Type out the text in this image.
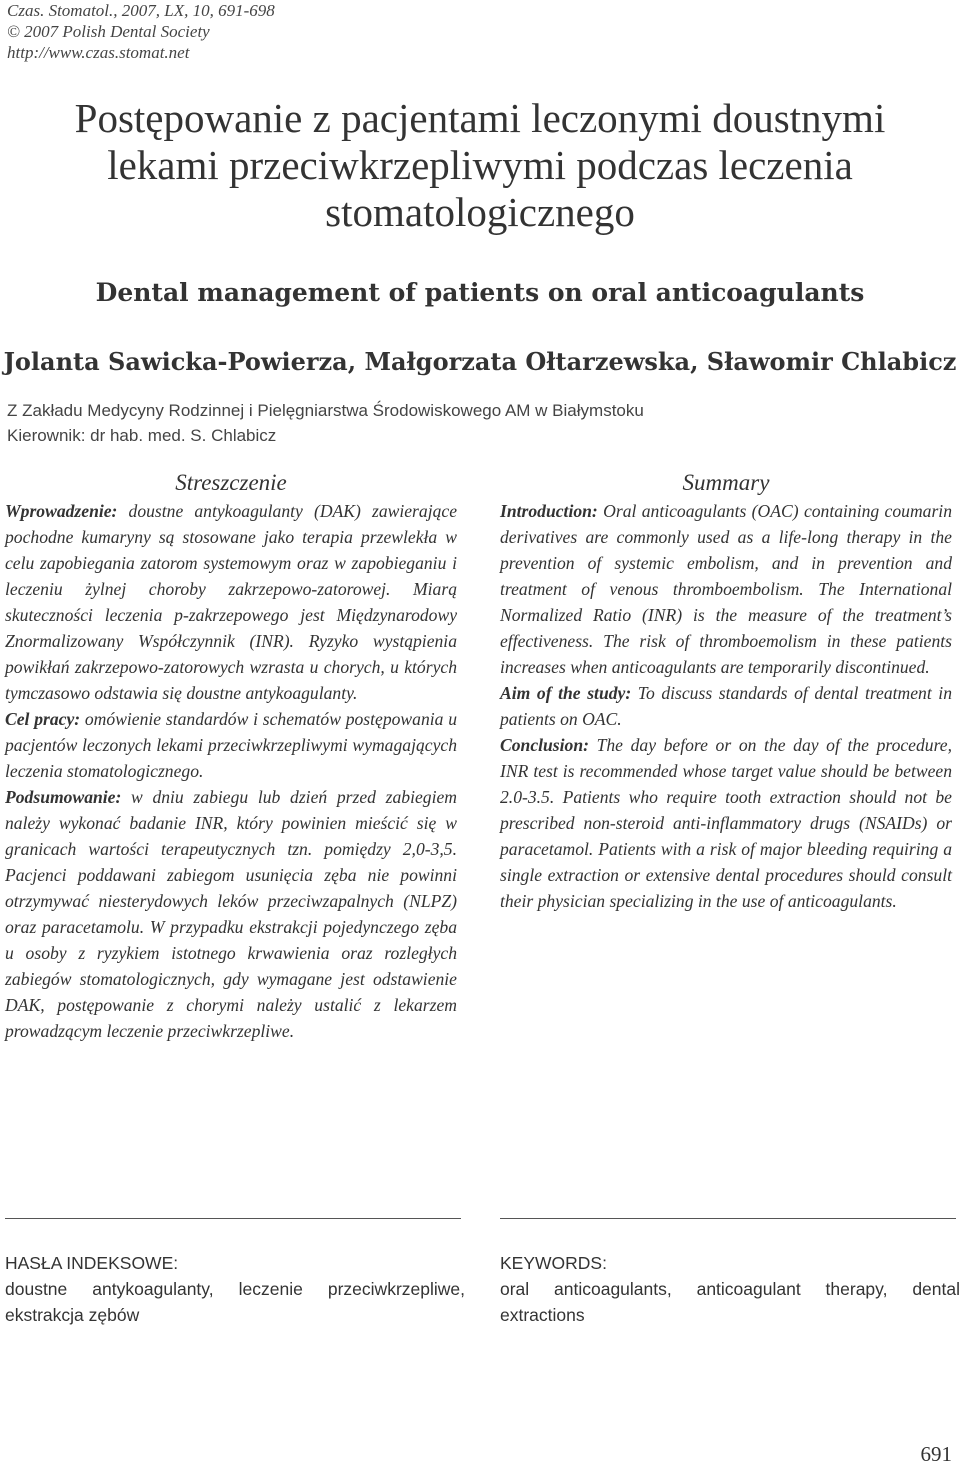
Czas. Stomatol., 2007, LX, 10, 691-698
© 2007 Polish Dental Society
http://www.czas.stomat.net
Postępowanie z pacjentami leczonymi doustnymi
lekami przeciwkrzepliwymi podczas leczenia
stomatologicznego
Dental management of patients on oral anticoagulants
Jolanta Sawicka-Powierza, Małgorzata Ołtarzewska, Sławomir Chlabicz
Z Zakładu Medycyny Rodzinnej i Pielęgniarstwa Środowiskowego AM w Białymstoku
Kierownik: dr hab. med. S. Chlabicz
Streszczenie

Wprowadzenie: doustne antykoagulanty (DAK) zawierające pochodne kumaryny są stosowane jako terapia przewlekła w celu zapobiegania zatorom systemowym oraz w zapobieganiu i leczeniu żylnej choroby zakrzepowo-zatorowej. Miarą skuteczności leczenia p-zakrzepowego jest Międzynarodowy Znormalizowany Współczynnik (INR). Ryzyko wystąpienia powikłań zakrzepowo-zatorowych wzrasta u chorych, u których tymczasowo odstawia się doustne antykoagulanty.

Cel pracy: omówienie standardów i schematów postępowania u pacjentów leczonych lekami przeciwkrzepliwymi wymagających leczenia stomatologicznego.

Podsumowanie: w dniu zabiegu lub dzień przed zabiegiem należy wykonać badanie INR, który powinien mieścić się w granicach wartości terapeutycznych tzn. pomiędzy 2,0-3,5. Pacjenci poddawani zabiegom usunięcia zęba nie powinni otrzymywać niesterydowych leków przeciwzapalnych (NLPZ) oraz paracetamolu. W przypadku ekstrakcji pojedynczego zęba u osoby z ryzykiem istotnego krwawienia oraz rozległych zabiegów stomatologicznych, gdy wymagane jest odstawienie DAK, postępowanie z chorymi należy ustalić z lekarzem prowadzącym leczenie przeciwkrzepliwe.

Summary

Introduction: Oral anticoagulants (OAC) containing coumarin derivatives are commonly used as a life-long therapy in the prevention of systemic embolism, and in prevention and treatment of venous thromboembolism. The International Normalized Ratio (INR) is the measure of the treatment’s effectiveness. The risk of thromboemolism in these patients increases when anticoagulants are temporarily discontinued.

Aim of the study: To discuss standards of dental treatment in patients on OAC.

Conclusion: The day before or on the day of the procedure, INR test is recommended whose target value should be between 2.0-3.5. Patients who require tooth extraction should not be prescribed non-steroid anti-inflammatory drugs (NSAIDs) or paracetamol. Patients with a risk of major bleeding requiring a single extraction or extensive dental procedures should consult their physician specializing in the use of anticoagulants.

HASŁA INDEKSOWE:
doustne antykoagulanty, leczenie przeciwkrzepliwe, ekstrakcja zębów
KEYWORDS:
oral anticoagulants, anticoagulant therapy, dental extractions
691
